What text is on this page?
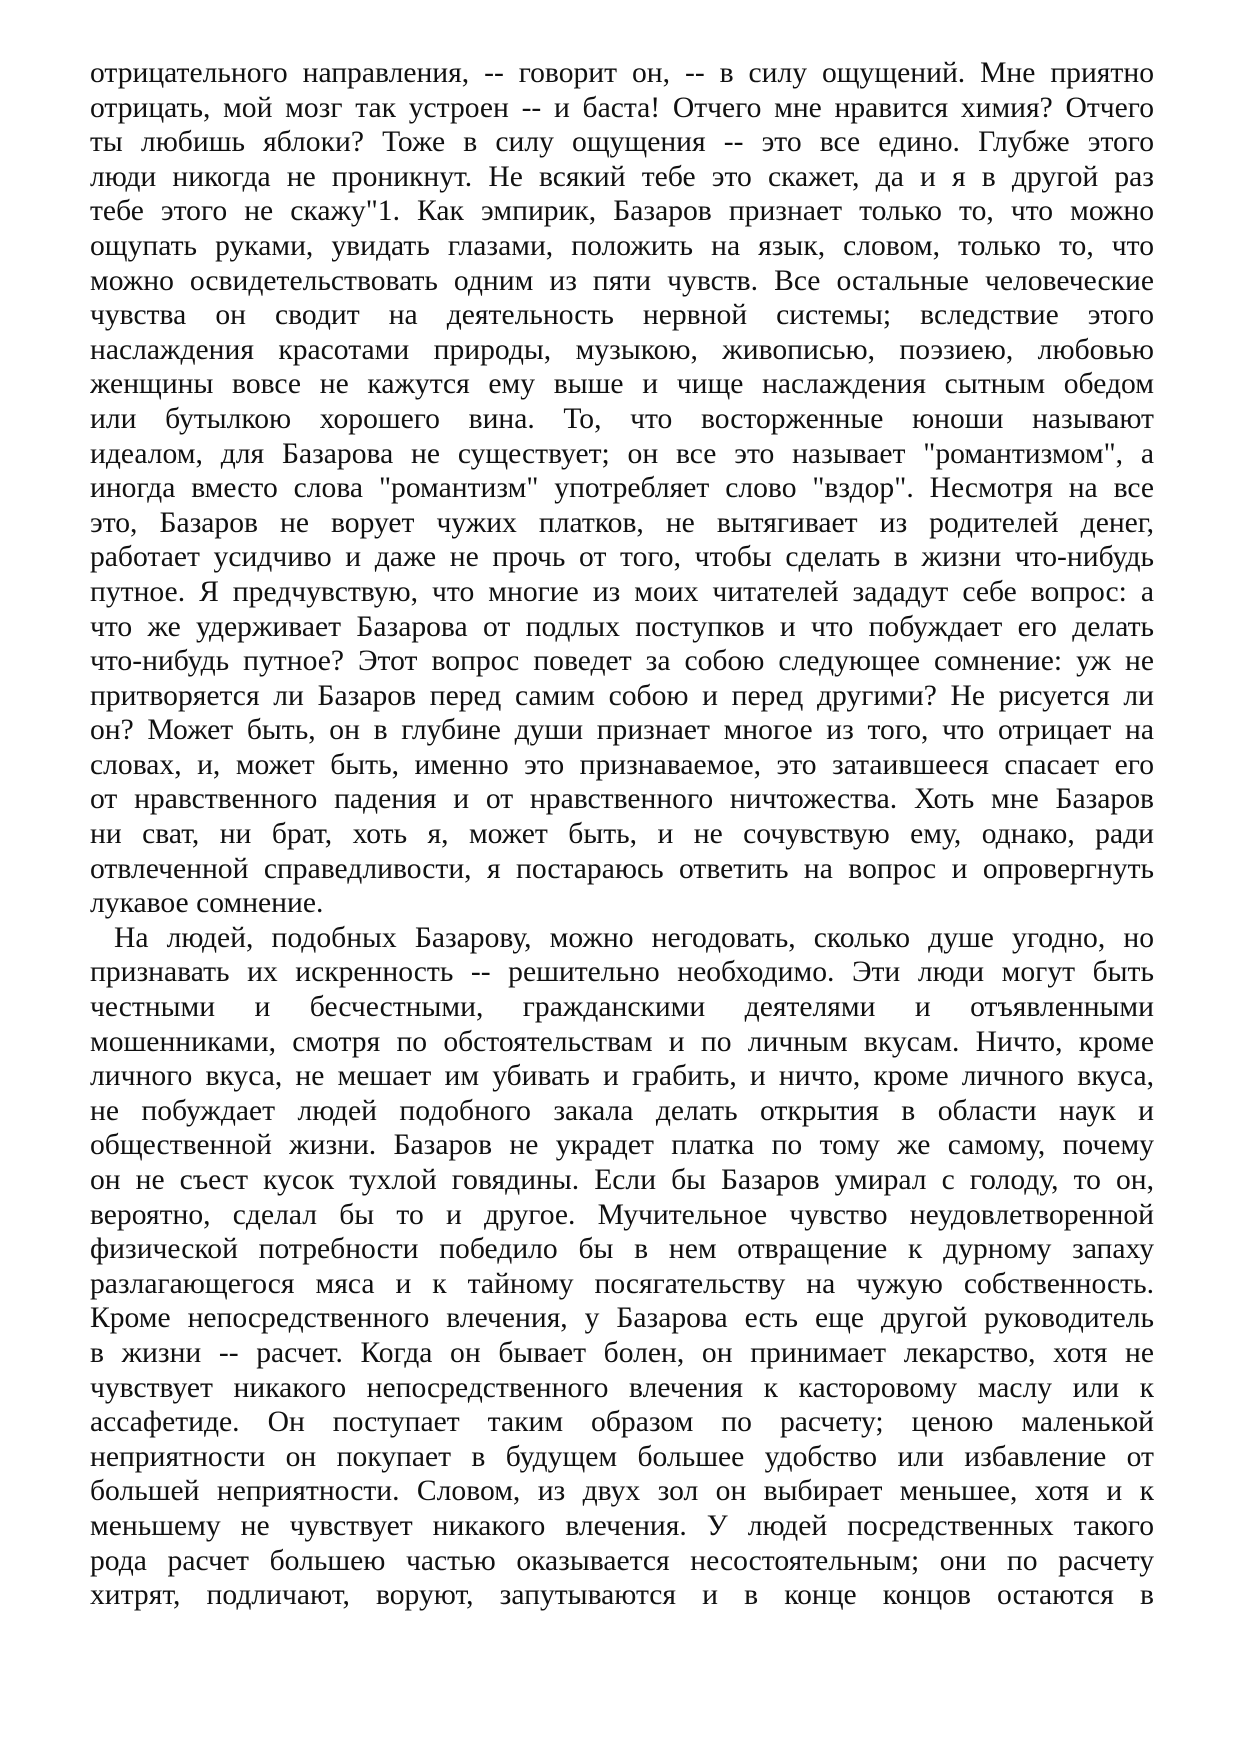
отрицательного направления, -- говорит он, -- в силу ощущений. Мне приятно
отрицать, мой мозг так устроен -- и баста! Отчего мне нравится химия? Отчего
ты любишь яблоки? Тоже в силу ощущения -- это все едино. Глубже этого
люди никогда не проникнут. Не всякий тебе это скажет, да и я в другой раз
тебе этого не скажу"1. Как эмпирик, Базаров признает только то, что можно
ощупать руками, увидать глазами, положить на язык, словом, только то, что
можно освидетельствовать одним из пяти чувств. Все остальные человеческие
чувства он сводит на деятельность нервной системы; вследствие этого
наслаждения красотами природы, музыкою, живописью, поэзиею, любовью
женщины вовсе не кажутся ему выше и чище наслаждения сытным обедом
или бутылкою хорошего вина. То, что восторженные юноши называют
идеалом, для Базарова не существует; он все это называет "романтизмом", а
иногда вместо слова "романтизм" употребляет слово "вздор". Несмотря на все
это, Базаров не ворует чужих платков, не вытягивает из родителей денег,
работает усидчиво и даже не прочь от того, чтобы сделать в жизни что-нибудь
путное. Я предчувствую, что многие из моих читателей зададут себе вопрос: а
что же удерживает Базарова от подлых поступков и что побуждает его делать
что-нибудь путное? Этот вопрос поведет за собою следующее сомнение: уж не
притворяется ли Базаров перед самим собою и перед другими? Не рисуется ли
он? Может быть, он в глубине души признает многое из того, что отрицает на
словах, и, может быть, именно это признаваемое, это затаившееся спасает его
от нравственного падения и от нравственного ничтожества. Хоть мне Базаров
ни сват, ни брат, хоть я, может быть, и не сочувствую ему, однако, ради
отвлеченной справедливости, я постараюсь ответить на вопрос и опровергнуть
лукавое сомнение.
На людей, подобных Базарову, можно негодовать, сколько душе угодно, но
признавать их искренность -- решительно необходимо. Эти люди могут быть
честными и бесчестными, гражданскими деятелями и отъявленными
мошенниками, смотря по обстоятельствам и по личным вкусам. Ничто, кроме
личного вкуса, не мешает им убивать и грабить, и ничто, кроме личного вкуса,
не побуждает людей подобного закала делать открытия в области наук и
общественной жизни. Базаров не украдет платка по тому же самому, почему
он не съест кусок тухлой говядины. Если бы Базаров умирал с голоду, то он,
вероятно, сделал бы то и другое. Мучительное чувство неудовлетворенной
физической потребности победило бы в нем отвращение к дурному запаху
разлагающегося мяса и к тайному посягательству на чужую собственность.
Кроме непосредственного влечения, у Базарова есть еще другой руководитель
в жизни -- расчет. Когда он бывает болен, он принимает лекарство, хотя не
чувствует никакого непосредственного влечения к касторовому маслу или к
ассафетиде. Он поступает таким образом по расчету; ценою маленькой
неприятности он покупает в будущем большее удобство или избавление от
большей неприятности. Словом, из двух зол он выбирает меньшее, хотя и к
меньшему не чувствует никакого влечения. У людей посредственных такого
рода расчет большею частью оказывается несостоятельным; они по расчету
хитрят, подличают, воруют, запутываются и в конце концов остаются в
